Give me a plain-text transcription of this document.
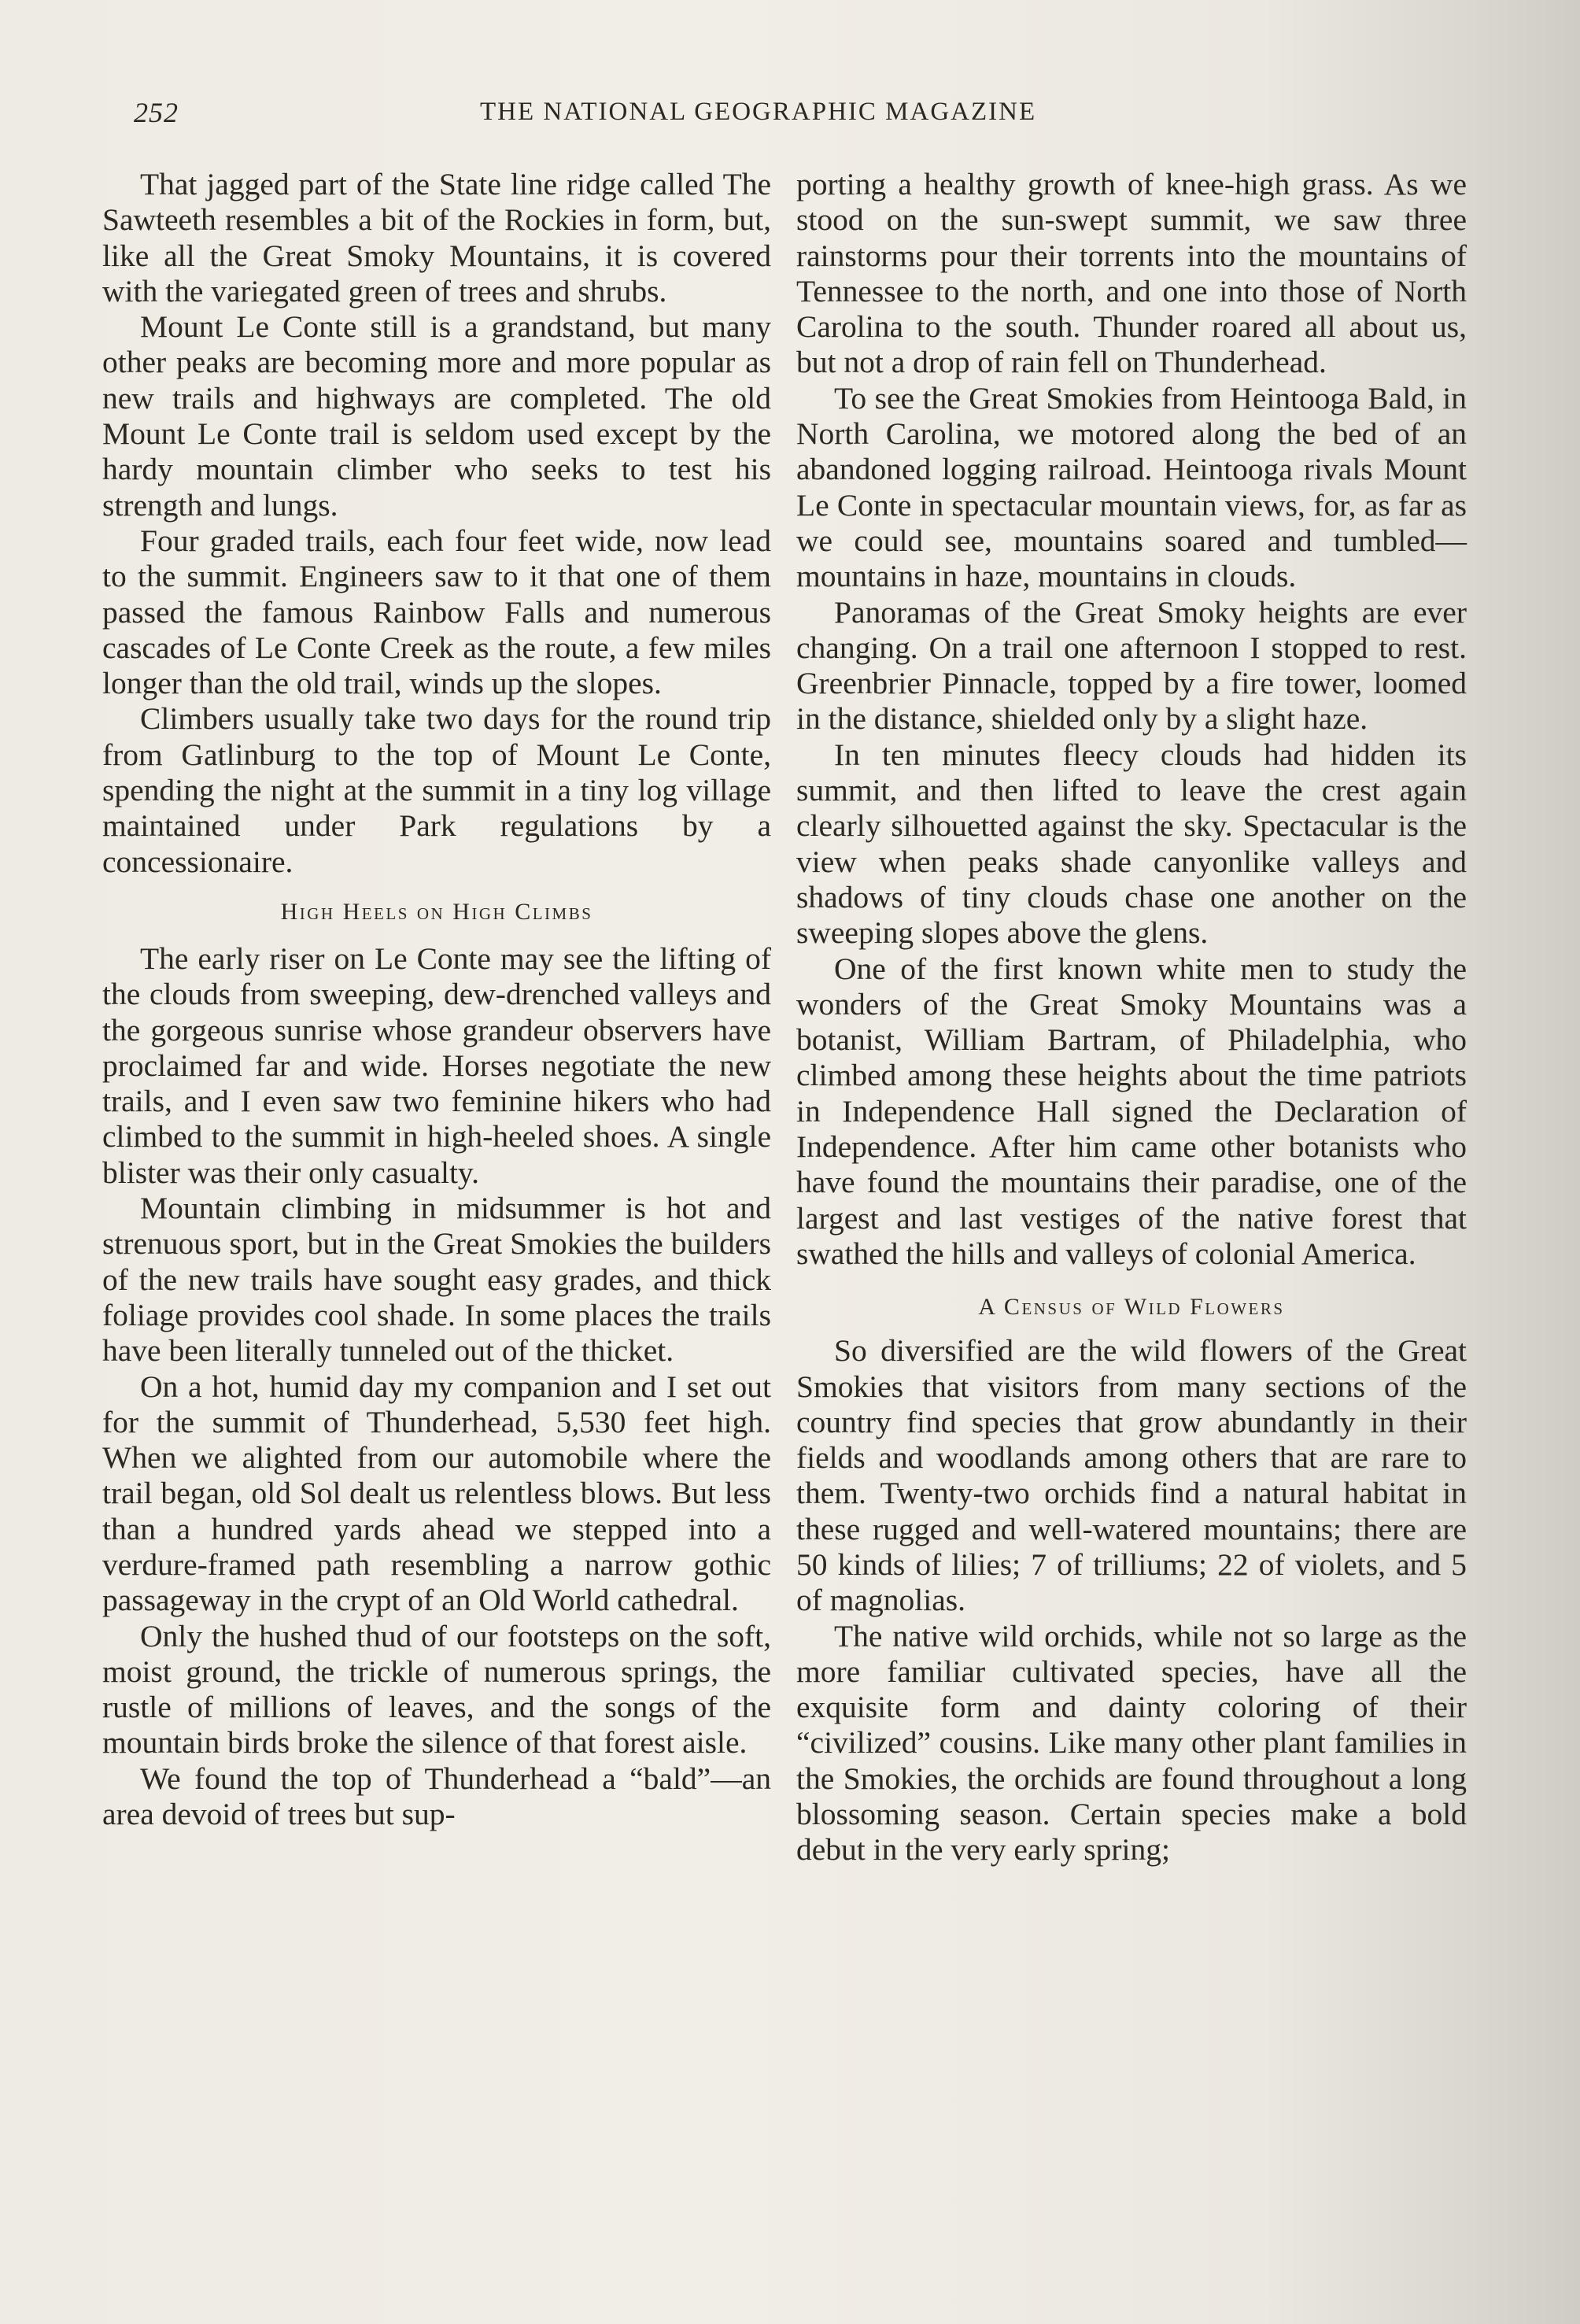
252	THE NATIONAL GEOGRAPHIC MAGAZINE

That jagged part of the State line ridge called The Sawteeth resembles a bit of the Rockies in form, but, like all the Great Smoky Mountains, it is covered with the variegated green of trees and shrubs.

Mount Le Conte still is a grandstand, but many other peaks are becoming more and more popular as new trails and highways are completed. The old Mount Le Conte trail is seldom used except by the hardy mountain climber who seeks to test his strength and lungs.

Four graded trails, each four feet wide, now lead to the summit. Engineers saw to it that one of them passed the famous Rainbow Falls and numerous cascades of Le Conte Creek as the route, a few miles longer than the old trail, winds up the slopes.

Climbers usually take two days for the round trip from Gatlinburg to the top of Mount Le Conte, spending the night at the summit in a tiny log village maintained under Park regulations by a concessionaire.

High Heels on High Climbs

The early riser on Le Conte may see the lifting of the clouds from sweeping, dew-drenched valleys and the gorgeous sunrise whose grandeur observers have proclaimed far and wide. Horses negotiate the new trails, and I even saw two feminine hikers who had climbed to the summit in high-heeled shoes. A single blister was their only casualty.

Mountain climbing in midsummer is hot and strenuous sport, but in the Great Smokies the builders of the new trails have sought easy grades, and thick foliage provides cool shade. In some places the trails have been literally tunneled out of the thicket.

On a hot, humid day my companion and I set out for the summit of Thunderhead, 5,530 feet high. When we alighted from our automobile where the trail began, old Sol dealt us relentless blows. But less than a hundred yards ahead we stepped into a verdure-framed path resembling a narrow gothic passageway in the crypt of an Old World cathedral.

Only the hushed thud of our footsteps on the soft, moist ground, the trickle of numerous springs, the rustle of millions of leaves, and the songs of the mountain birds broke the silence of that forest aisle.

We found the top of Thunderhead a “bald”—an area devoid of trees but sup-

porting a healthy growth of knee-high grass. As we stood on the sun-swept summit, we saw three rainstorms pour their torrents into the mountains of Tennessee to the north, and one into those of North Carolina to the south. Thunder roared all about us, but not a drop of rain fell on Thunderhead.

To see the Great Smokies from Heintooga Bald, in North Carolina, we motored along the bed of an abandoned logging railroad. Heintooga rivals Mount Le Conte in spectacular mountain views, for, as far as we could see, mountains soared and tumbled—mountains in haze, mountains in clouds.

Panoramas of the Great Smoky heights are ever changing. On a trail one afternoon I stopped to rest. Greenbrier Pinnacle, topped by a fire tower, loomed in the distance, shielded only by a slight haze.

In ten minutes fleecy clouds had hidden its summit, and then lifted to leave the crest again clearly silhouetted against the sky. Spectacular is the view when peaks shade canyonlike valleys and shadows of tiny clouds chase one another on the sweeping slopes above the glens.

One of the first known white men to study the wonders of the Great Smoky Mountains was a botanist, William Bartram, of Philadelphia, who climbed among these heights about the time patriots in Independence Hall signed the Declaration of Independence. After him came other botanists who have found the mountains their paradise, one of the largest and last vestiges of the native forest that swathed the hills and valleys of colonial America.

A Census of Wild Flowers

So diversified are the wild flowers of the Great Smokies that visitors from many sections of the country find species that grow abundantly in their fields and woodlands among others that are rare to them. Twenty-two orchids find a natural habitat in these rugged and well-watered mountains; there are 50 kinds of lilies; 7 of trilliums; 22 of violets, and 5 of magnolias.

The native wild orchids, while not so large as the more familiar cultivated species, have all the exquisite form and dainty coloring of their “civilized” cousins. Like many other plant families in the Smokies, the orchids are found throughout a long blossoming season. Certain species make a bold debut in the very early spring;
